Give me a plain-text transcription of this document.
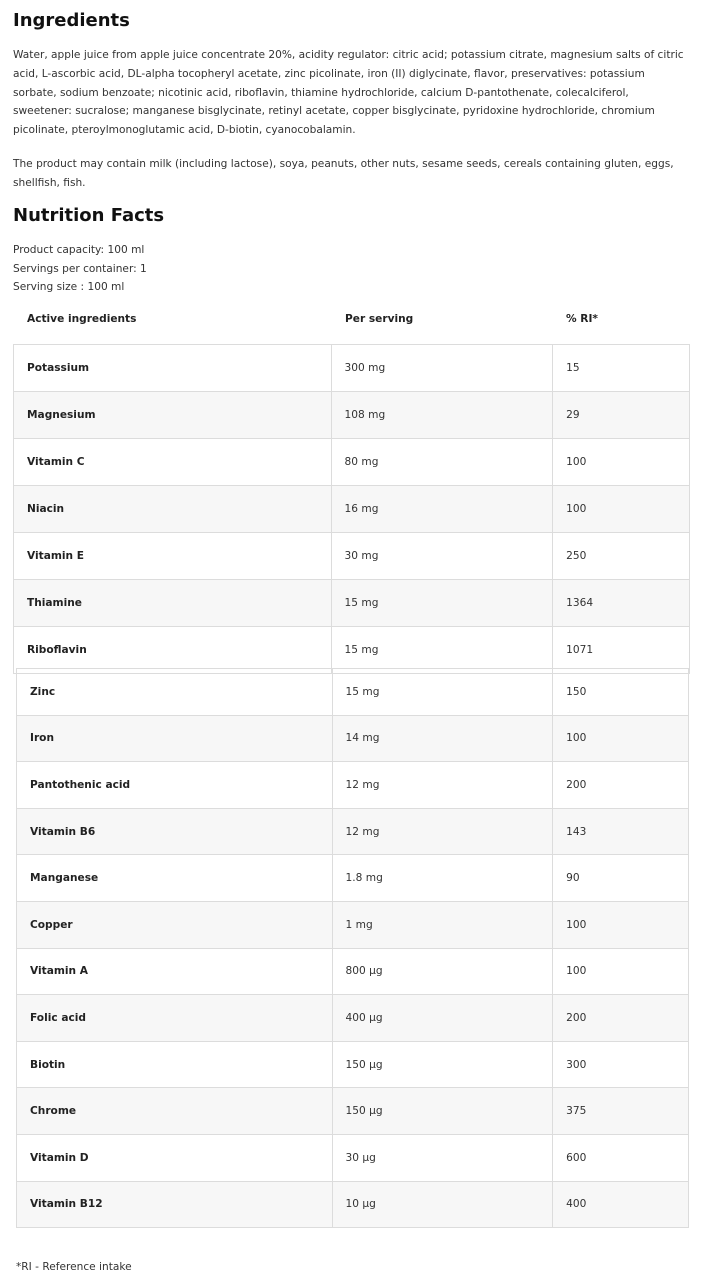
Ingredients

Water, apple juice from apple juice concentrate 20%, acidity regulator: citric acid; potassium citrate, magnesium salts of citric acid, L-ascorbic acid, DL-alpha tocopheryl acetate, zinc picolinate, iron (II) diglycinate, flavor, preservatives: potassium sorbate, sodium benzoate; nicotinic acid, riboflavin, thiamine hydrochloride, calcium D-pantothenate, colecalciferol, sweetener: sucralose; manganese bisglycinate, retinyl acetate, copper bisglycinate, pyridoxine hydrochloride, chromium picolinate, pteroylmonoglutamic acid, D-biotin, cyanocobalamin.

The product may contain milk (including lactose), soya, peanuts, other nuts, sesame seeds, cereals containing gluten, eggs, shellfish, fish.

Nutrition Facts
Product capacity: 100 ml
Servings per container: 1
Serving size : 100 ml
Active ingredients	Per serving	% RI*
Potassium	300 mg	15
Magnesium	108 mg	29
Vitamin C	80 mg	100
Niacin	16 mg	100
Vitamin E	30 mg	250
Thiamine	15 mg	1364
Riboflavin	15 mg	1071
Zinc	15 mg	150
Iron	14 mg	100
Pantothenic acid	12 mg	200
Vitamin B6	12 mg	143
Manganese	1.8 mg	90
Copper	1 mg	100
Vitamin A	800 µg	100
Folic acid	400 µg	200
Biotin	150 µg	300
Chrome	150 µg	375
Vitamin D	30 µg	600
Vitamin B12	10 µg	400
*RI - Reference intake
